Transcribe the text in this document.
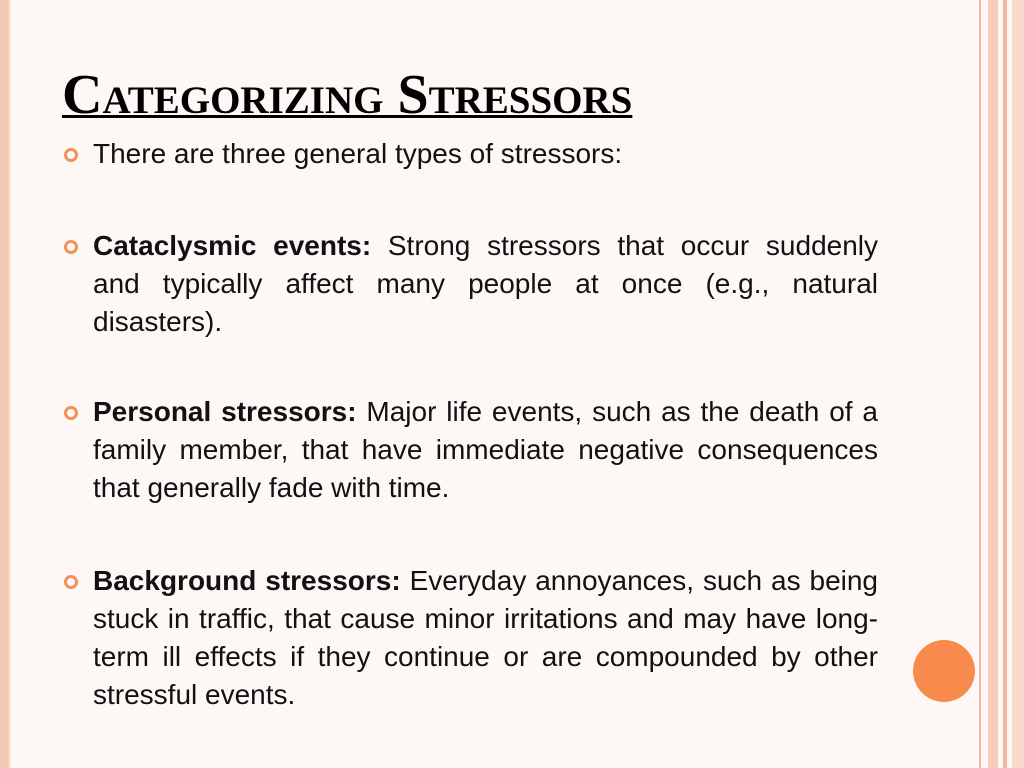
Categorizing Stressors
There are three general types of stressors:
Cataclysmic events: Strong stressors that occur suddenly and typically affect many people at once (e.g., natural disasters).
Personal stressors: Major life events, such as the death of a family member, that have immediate negative consequences that generally fade with time.
Background stressors: Everyday annoyances, such as being stuck in traffic, that cause minor irritations and may have long-term ill effects if they continue or are compounded by other stressful events.
